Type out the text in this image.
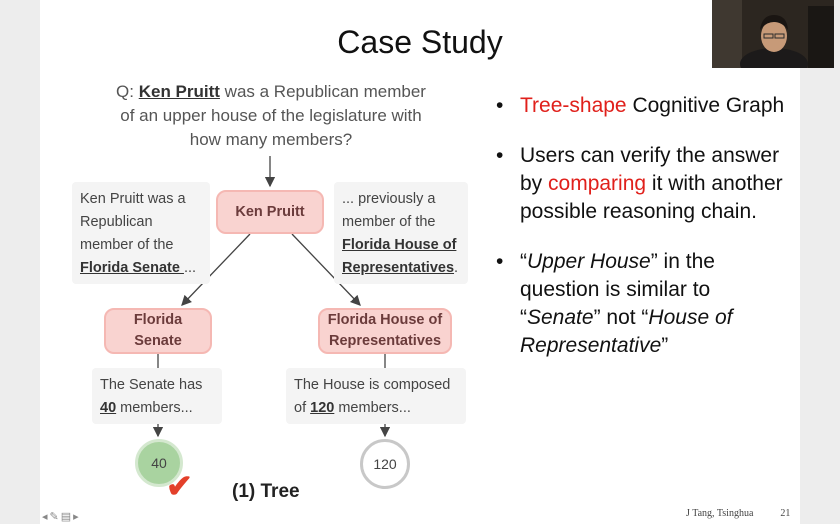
Case Study
Q: Ken Pruitt was a Republican member
of an upper house of the legislature with
how many members?
Ken Pruitt was a
Republican
member of the
Florida Senate ...
... previously a
member of the
Florida House of
Representatives.
Ken Pruitt
Florida
Senate
Florida House of
Representatives
The Senate has
40 members...
The House is composed
of 120 members...
40	120
✔ (1) Tree
• Tree-shape Cognitive Graph
• Users can verify the answer by comparing it with another possible reasoning chain.
• “Upper House” in the question is similar to “Senate” not “House of Representative”
◂✎▤▸	J Tang, Tsinghua	21
